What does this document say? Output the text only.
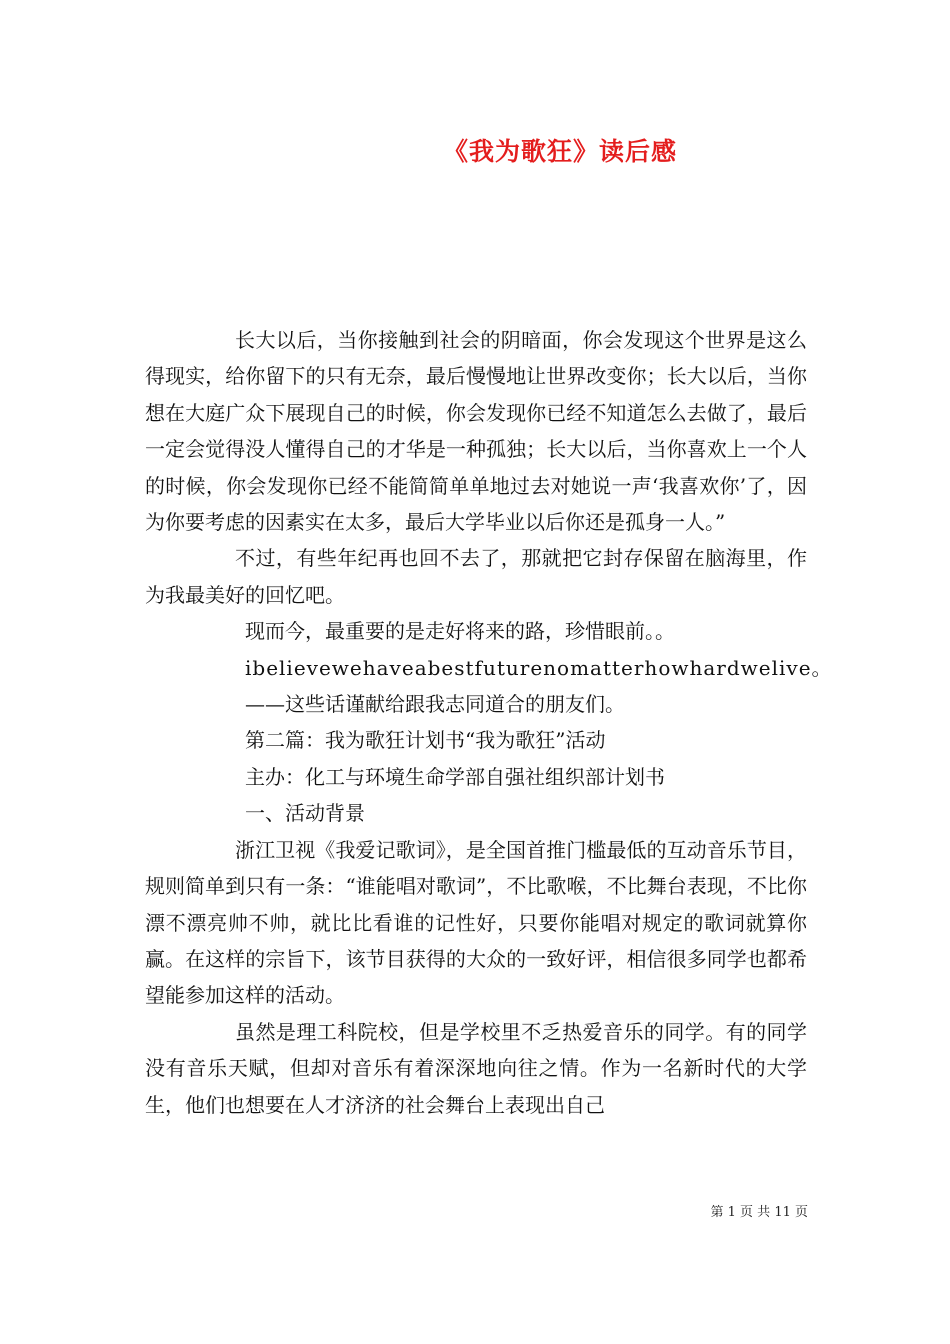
《我为歌狂》读后感

长大以后，当你接触到社会的阴暗面，你会发现这个世界是这么得现实，给你留下的只有无奈，最后慢慢地让世界改变你；长大以后，当你想在大庭广众下展现自己的时候，你会发现你已经不知道怎么去做了，最后一定会觉得没人懂得自己的才华是一种孤独；长大以后，当你喜欢上一个人的时候，你会发现你已经不能简简单单地过去对她说一声‘我喜欢你’了，因为你要考虑的因素实在太多，最后大学毕业以后你还是孤身一人。”

不过，有些年纪再也回不去了，那就把它封存保留在脑海里，作为我最美好的回忆吧。

现而今，最重要的是走好将来的路，珍惜眼前。。

ibelievewehaveabestfuturenomatterhowhardwelive。

——这些话谨献给跟我志同道合的朋友们。

第二篇：我为歌狂计划书“我为歌狂”活动

主办：化工与环境生命学部自强社组织部计划书

一、活动背景

浙江卫视《我爱记歌词》，是全国首推门槛最低的互动音乐节目，规则简单到只有一条：“谁能唱对歌词”，不比歌喉，不比舞台表现，不比你漂不漂亮帅不帅，就比比看谁的记性好，只要你能唱对规定的歌词就算你赢。在这样的宗旨下，该节目获得的大众的一致好评，相信很多同学也都希望能参加这样的活动。

虽然是理工科院校，但是学校里不乏热爱音乐的同学。有的同学没有音乐天赋，但却对音乐有着深深地向往之情。作为一名新时代的大学生，他们也想要在人才济济的社会舞台上表现出自己

第 1 页 共 11 页
